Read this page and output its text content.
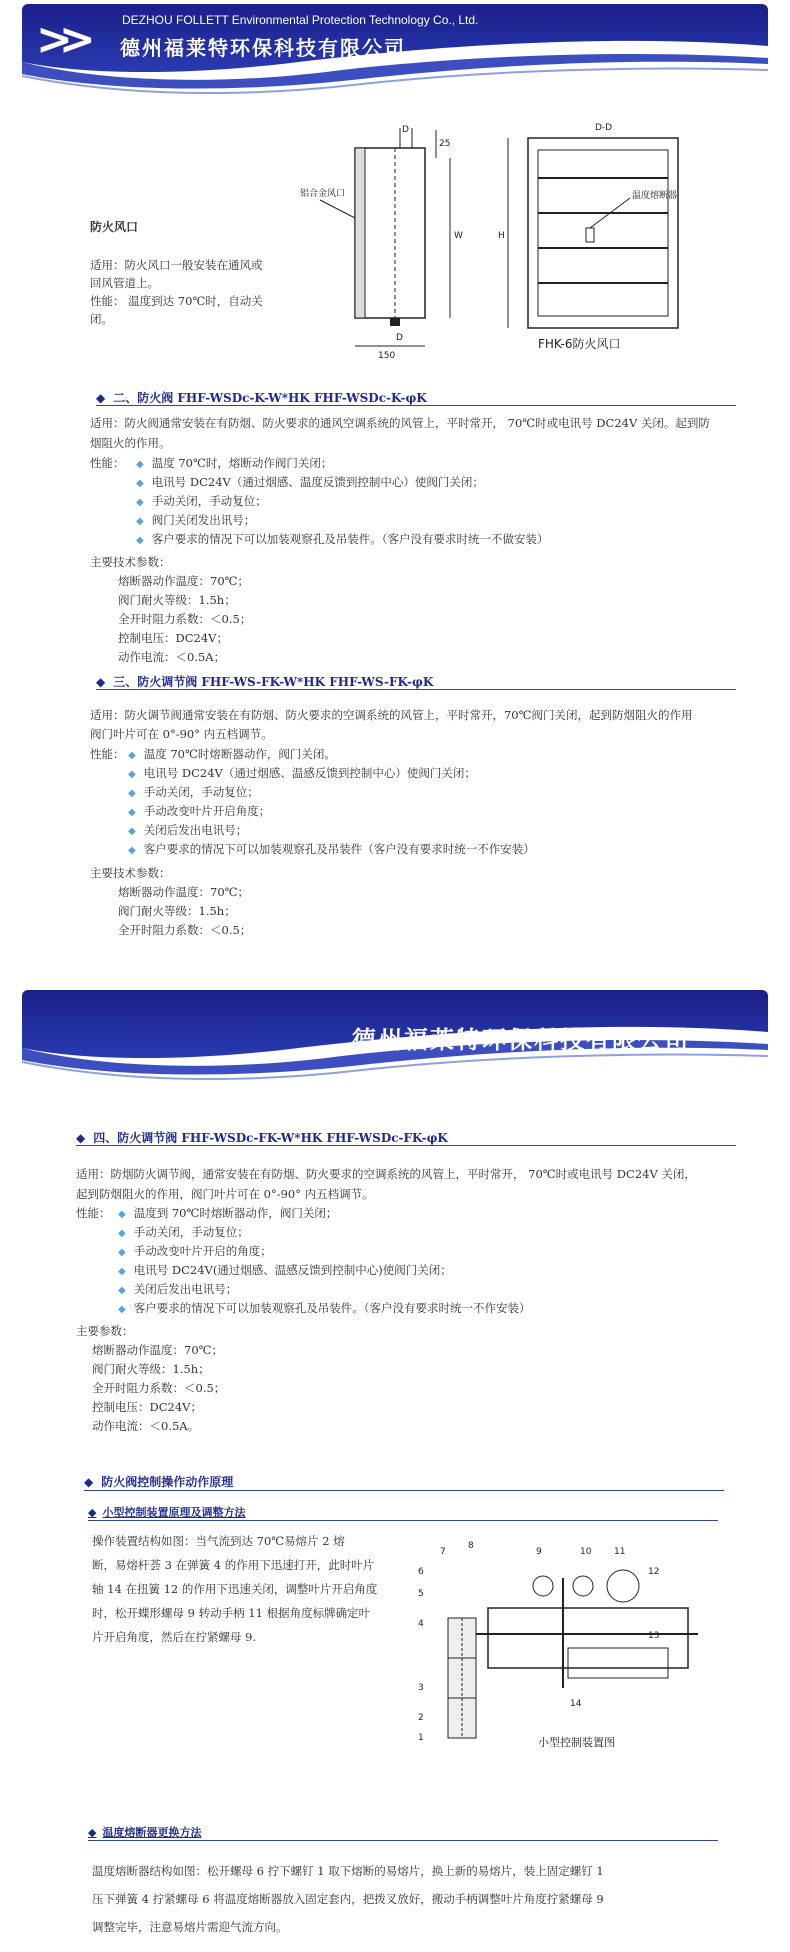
>>	DEZHOU FOLLETT Environmental Protection Technology Co., Ltd.
德州福莱特环保科技有限公司
防火风口
适用：防火风口一般安装在通风或
回风管道上。
性能： 温度到达 70℃时，自动关
闭。
D
25
W
D
150
铝合金风口
D-D
温度熔断器
H
FHK-6防火风口
◆ 二、防火阀 FHF-WSDc-K-W*HK FHF-WSDc-K-φK
适用：防火阀通常安装在有防烟、防火要求的通风空调系统的风管上，平时常开， 70℃时或电讯号 DC24V 关闭。起到防
烟阻火的作用。
性能： ◆ 温度 70℃时，熔断动作阀门关闭；
◆ 电讯号 DC24V（通过烟感、温度反馈到控制中心）使阀门关闭；
◆ 手动关闭，手动复位；
◆ 阀门关闭发出讯号；
◆ 客户要求的情况下可以加装观察孔及吊装件。（客户没有要求时统一不做安装）
主要技术参数：
熔断器动作温度：70℃；
阀门耐火等级：1.5h；
全开时阻力系数：＜0.5；
控制电压：DC24V；
动作电流：＜0.5A；
◆ 三、防火调节阀 FHF-WS-FK-W*HK FHF-WS-FK-φK
适用：防火调节阀通常安装在有防烟、防火要求的空调系统的风管上，平时常开，70℃阀门关闭，起到防烟阻火的作用
阀门叶片可在 0°-90° 内五档调节。
性能： ◆ 温度 70℃时熔断器动作，阀门关闭。
◆ 电讯号 DC24V（通过烟感、温感反馈到控制中心）使阀门关闭；
◆ 手动关闭，手动复位；
◆ 手动改变叶片开启角度；
◆ 关闭后发出电讯号；
◆ 客户要求的情况下可以加装观察孔及吊装件（客户没有要求时统一不作安装）
主要技术参数：
熔断器动作温度：70℃；
阀门耐火等级：1.5h；
全开时阻力系数：＜0.5；
德州福莱特环保科技有限公司
◆ 四、防火调节阀 FHF-WSDc-FK-W*HK FHF-WSDc-FK-φK
适用：防烟防火调节阀，通常安装在有防烟、防火要求的空调系统的风管上，平时常开， 70℃时或电讯号 DC24V 关闭，
起到防烟阻火的作用，阀门叶片可在 0°-90° 内五档调节。
性能： ◆ 温度到 70℃时熔断器动作，阀门关闭；
◆ 手动关闭，手动复位；
◆ 手动改变叶片开启的角度；
◆ 电讯号 DC24V(通过烟感、温感反馈到控制中心)使阀门关闭；
◆ 关闭后发出电讯号；
◆ 客户要求的情况下可以加装观察孔及吊装件。（客户没有要求时统一不作安装）
主要参数：
熔断器动作温度：70℃；
阀门耐火等级：1.5h；
全开时阻力系数：＜0.5；
控制电压：DC24V；
动作电流：＜0.5A。
◆ 防火阀控制操作动作原理
◆ 小型控制装置原理及调整方法
操作装置结构如图：当气流到达 70℃易熔片 2 熔
断，易熔杆荟 3 在弹簧 4 的作用下迅速打开，此时叶片
轴 14 在扭簧 12 的作用下迅速关闭，调整叶片开启角度
时，松开蝶形螺母 9 转动手柄 11 根据角度标牌确定叶
片开启角度，然后在拧紧螺母 9.
1
2
3
4
5
6
7
8
9	10	11
12
13
14
小型控制装置图
◆ 温度熔断器更换方法
温度熔断器结构如图：松开螺母 6 拧下螺钉 1 取下熔断的易熔片，换上新的易熔片，装上固定螺钉 1
压下弹簧 4 拧紧螺母 6 将温度熔断器放入固定套内，把拨叉放好，搬动手柄调整叶片角度拧紧螺母 9
调整完毕，注意易熔片需迎气流方向。
